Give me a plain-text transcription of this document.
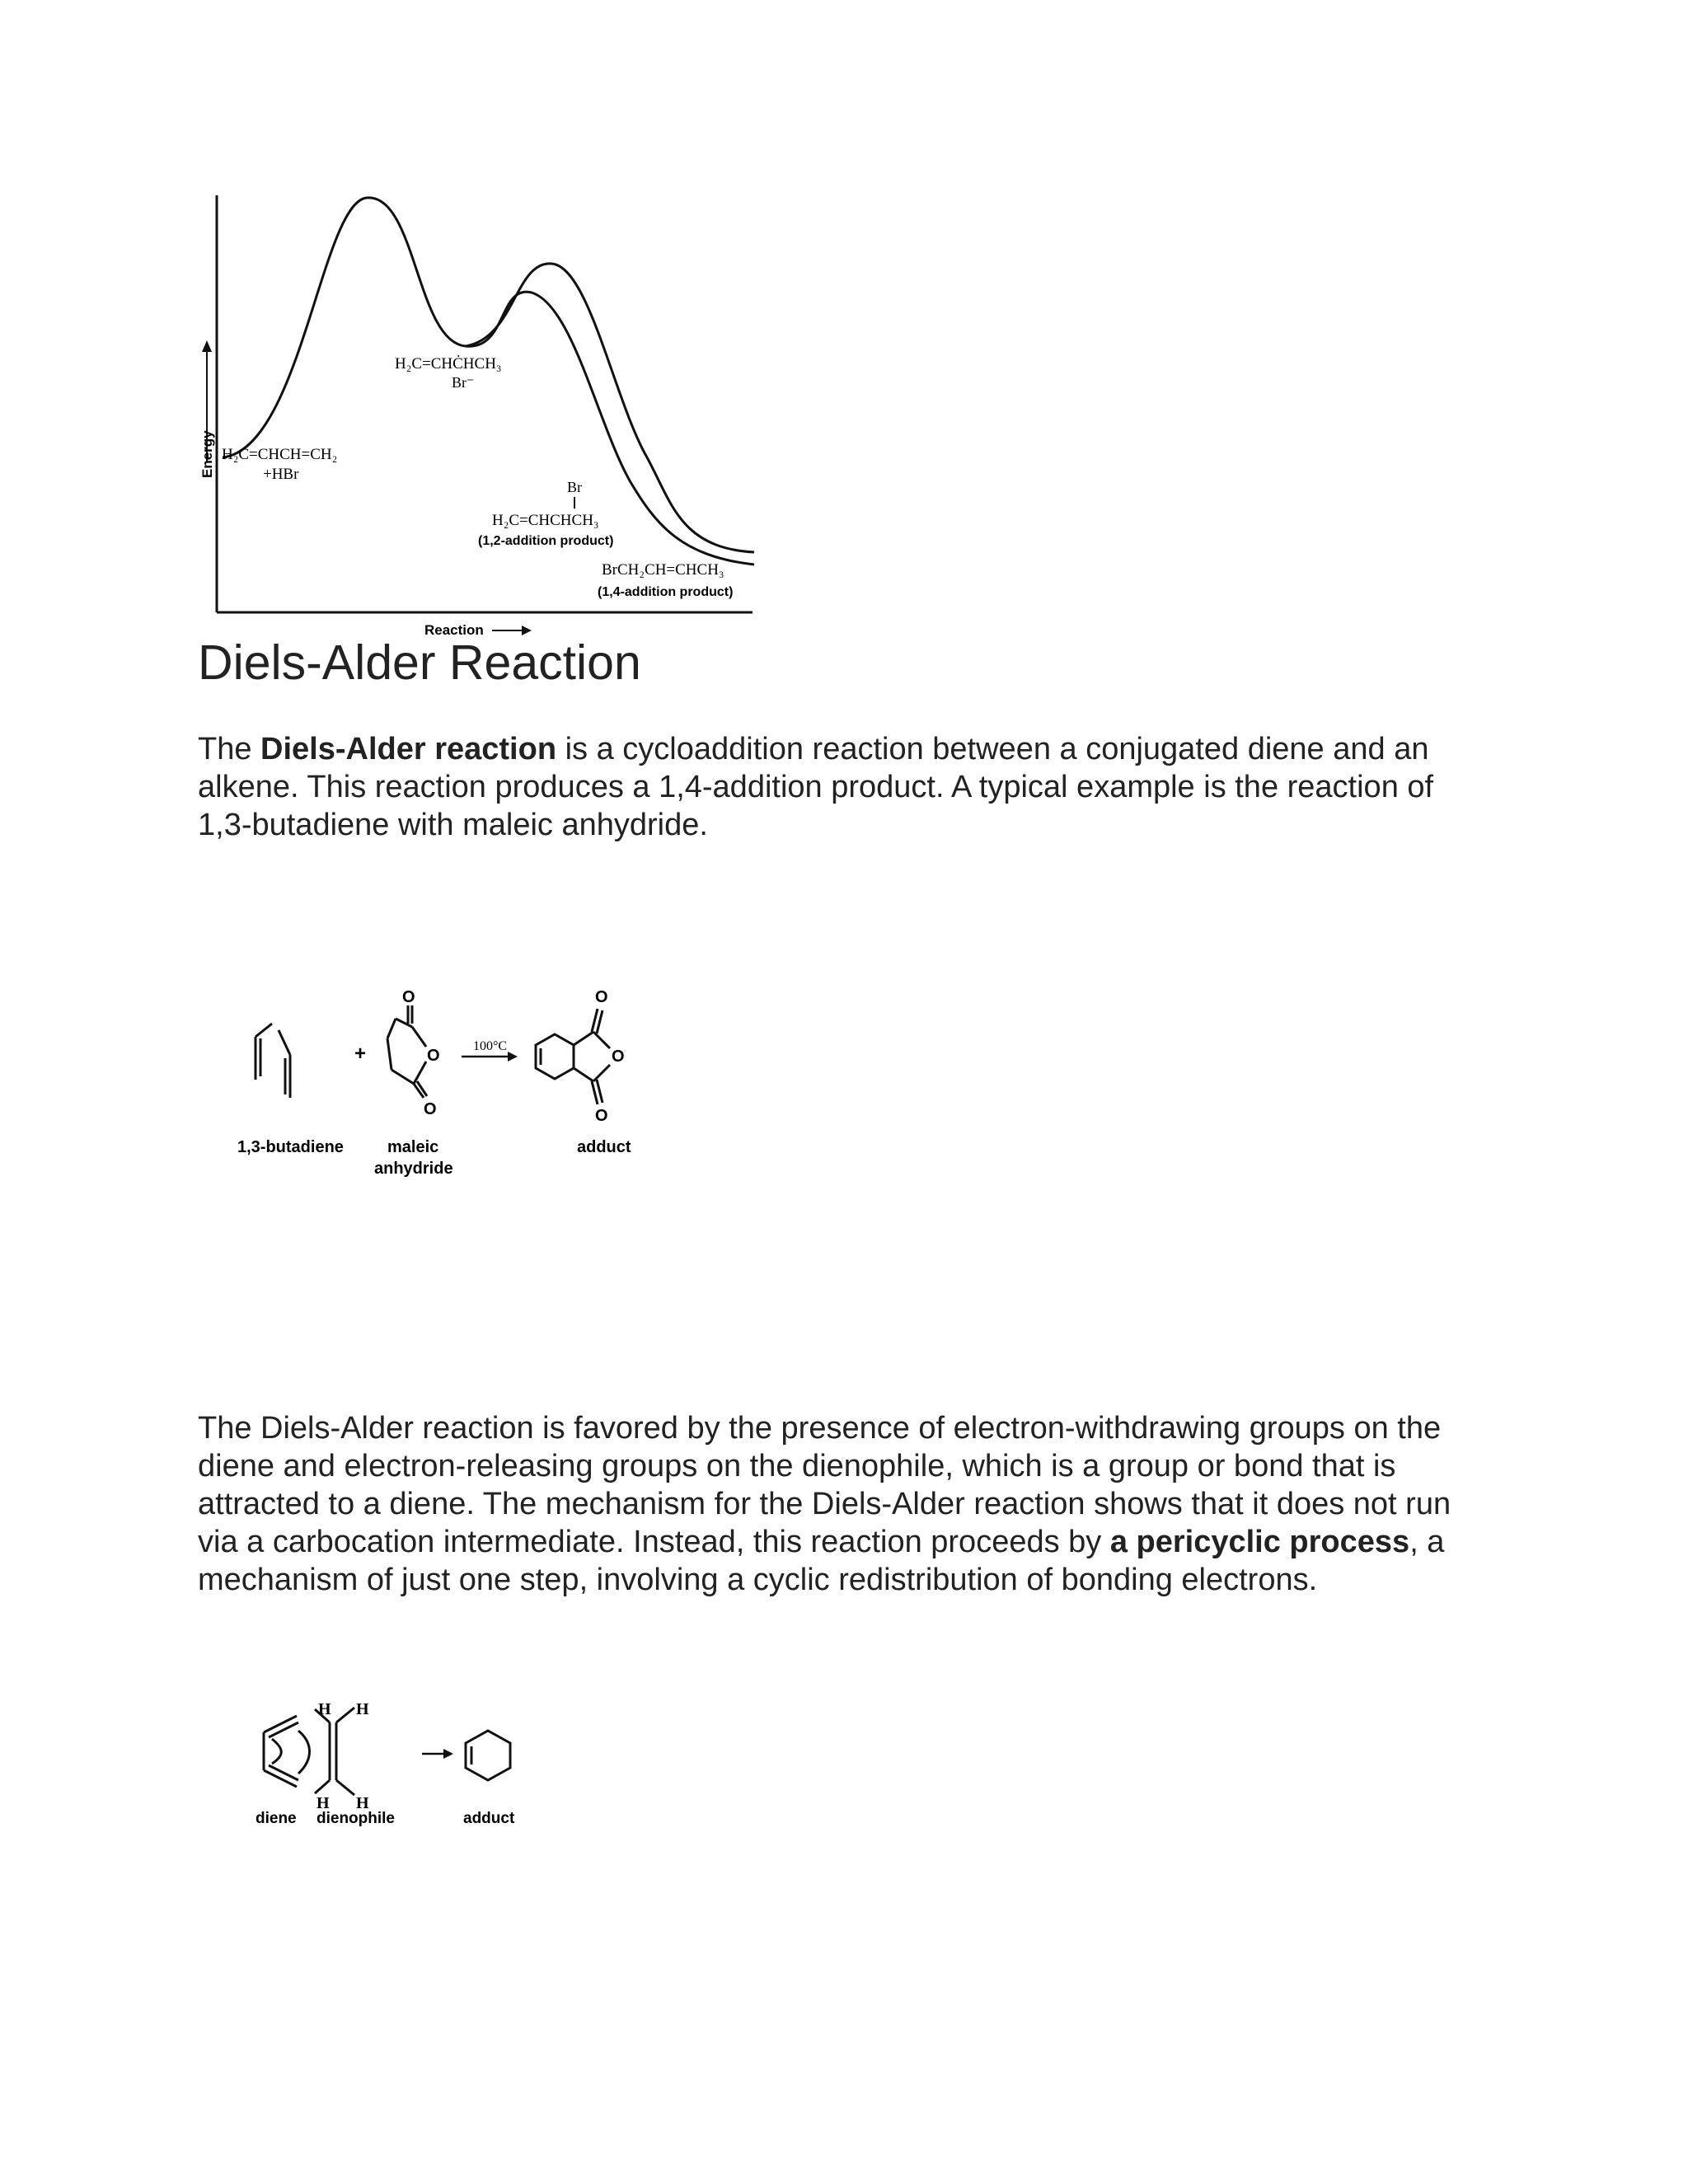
Energy
Reaction
H₂C=CHCH=CH₂
+HBr
H₂C=CHĊHCH₃
Br⁻
Br
H₂C=CHCHCH₃
(1,2-addition product)
BrCH₂CH=CHCH₃
(1,4-addition product)
Diels-Alder Reaction

The Diels-Alder reaction is a cycloaddition reaction between a conjugated diene and an alkene. This reaction produces a 1,4-addition product. A typical example is the reaction of 1,3-butadiene with maleic anhydride.

+
O
O
O
100°C
O
O
O
1,3-butadiene	maleic
anhydride
adduct

The Diels-Alder reaction is favored by the presence of electron-withdrawing groups on the diene and electron-releasing groups on the dienophile, which is a group or bond that is attracted to a diene. The mechanism for the Diels-Alder reaction shows that it does not run via a carbocation intermediate. Instead, this reaction proceeds by a pericyclic process, a mechanism of just one step, involving a cyclic redistribution of bonding electrons.

H H
H H
diene dienophile	adduct
